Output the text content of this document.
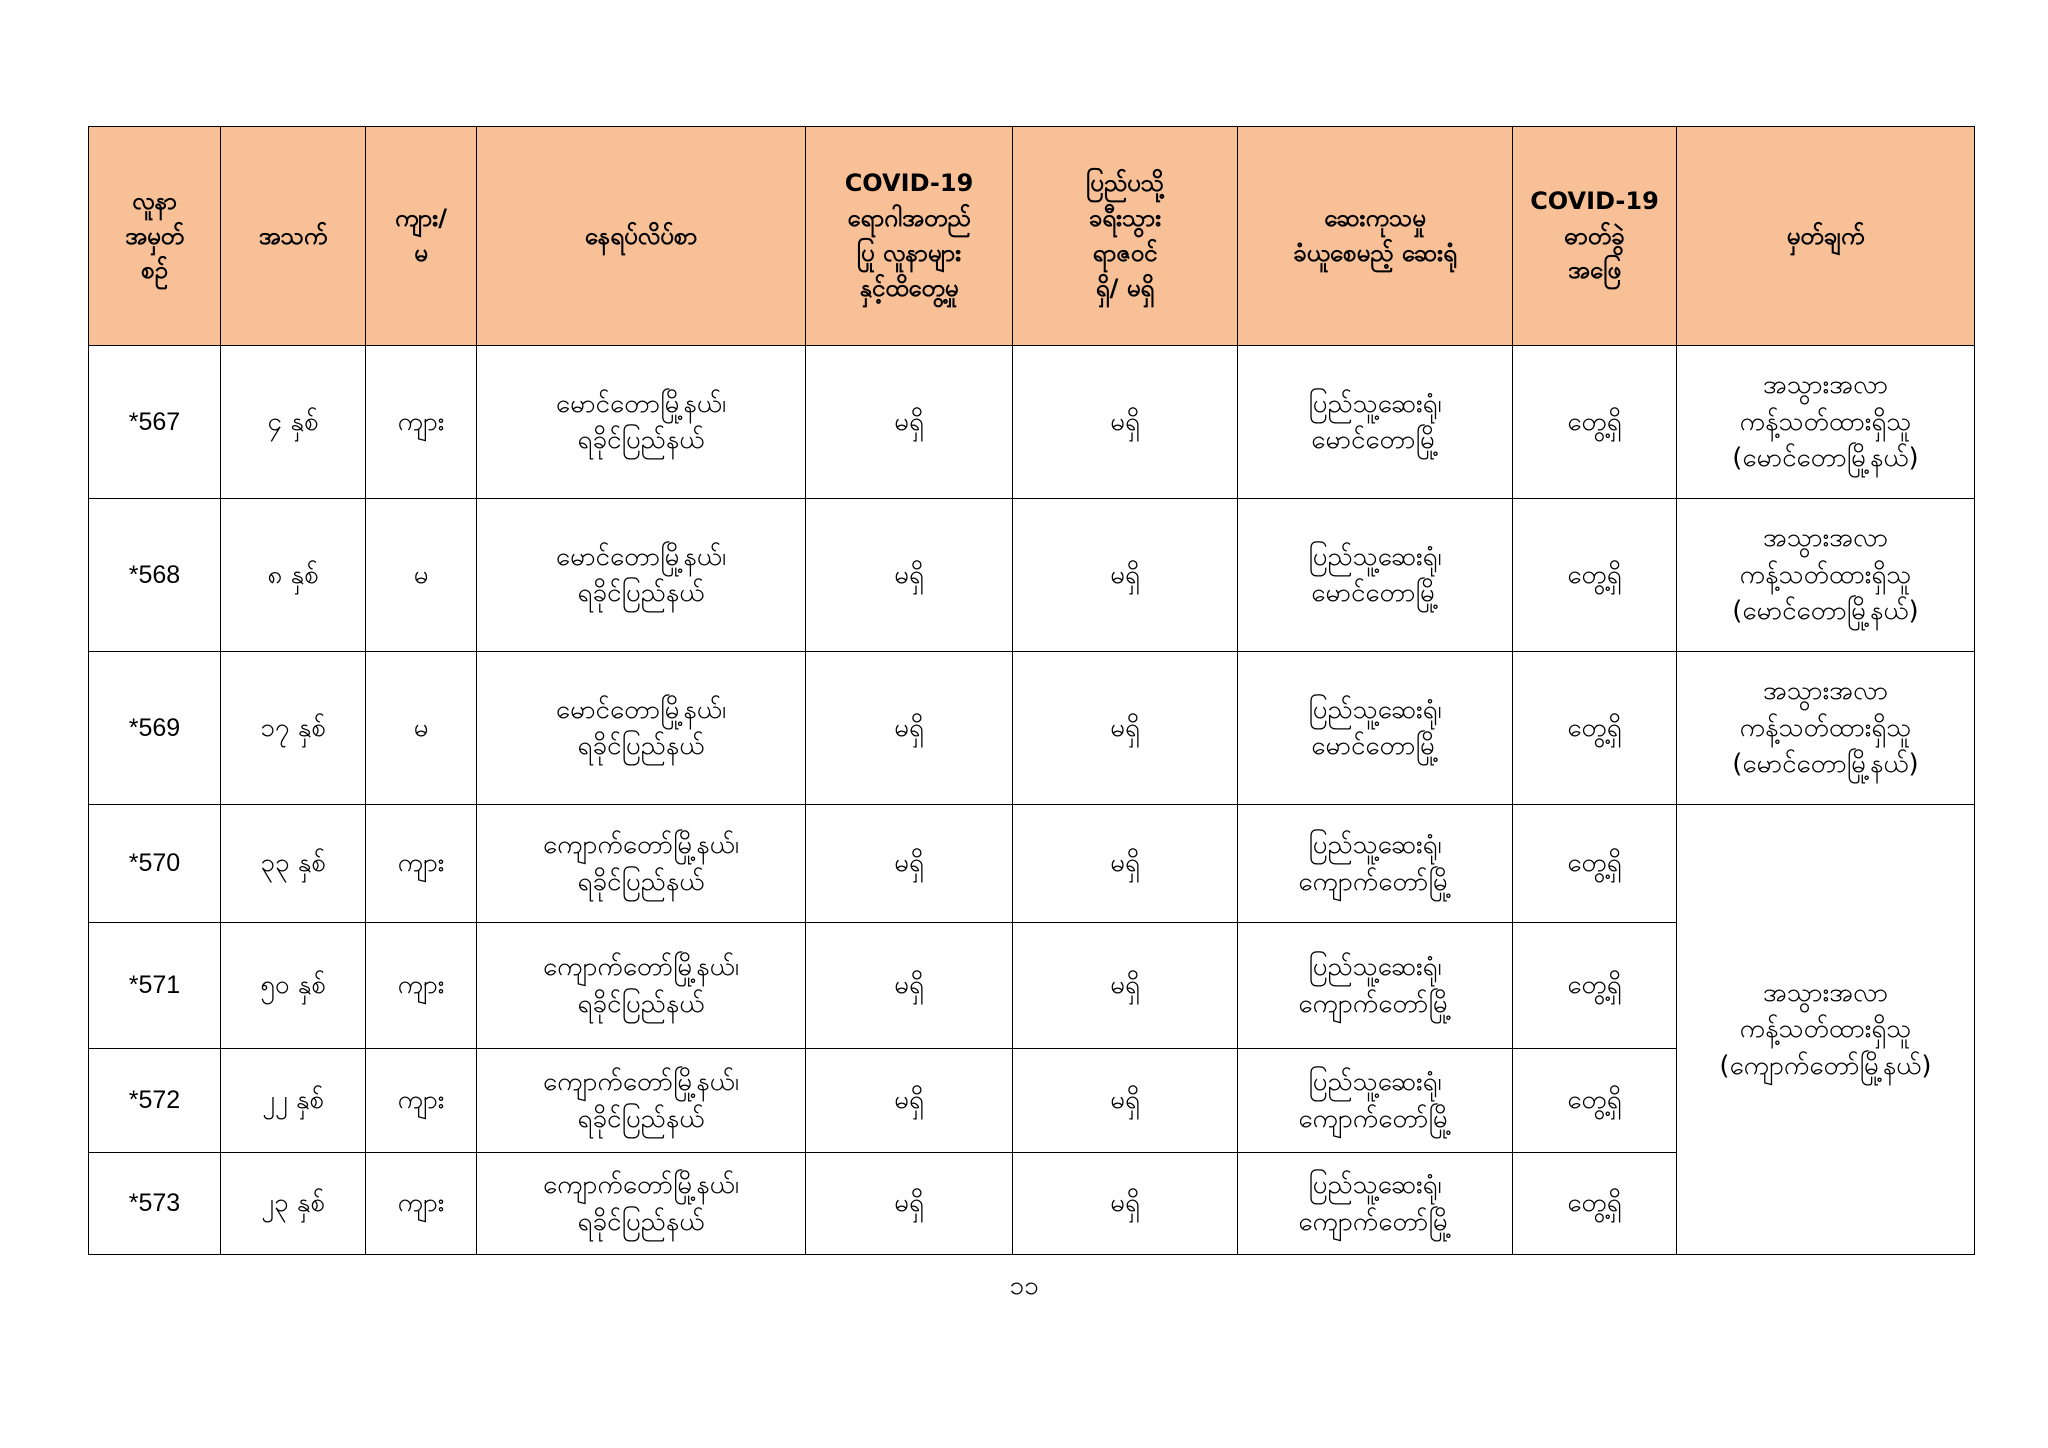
လူနာ
အမှတ်
စဉ်	အသက်	ကျား/
မ	နေရပ်လိပ်စာ	COVID-19
ရောဂါအတည်
ပြု လူနာများ
နှင့်ထိတွေ့မှု	ပြည်ပသို့
ခရီးသွား
ရာဇဝင်
ရှိ/ မရှိ	ဆေးကုသမှု
ခံယူစေမည့် ဆေးရုံ	COVID-19
ဓာတ်ခွဲ
အဖြေ	မှတ်ချက်
*567	၄ နှစ်	ကျား	မောင်တောမြို့နယ်၊
ရခိုင်ပြည်နယ်	မရှိ	မရှိ	ပြည်သူ့ဆေးရုံ၊
မောင်တောမြို့	တွေ့ရှိ	အသွားအလာ
ကန့်သတ်ထားရှိသူ
(မောင်တောမြို့နယ်)
*568	၈ နှစ်	မ	မောင်တောမြို့နယ်၊
ရခိုင်ပြည်နယ်	မရှိ	မရှိ	ပြည်သူ့ဆေးရုံ၊
မောင်တောမြို့	တွေ့ရှိ	အသွားအလာ
ကန့်သတ်ထားရှိသူ
(မောင်တောမြို့နယ်)
*569	၁၇ နှစ်	မ	မောင်တောမြို့နယ်၊
ရခိုင်ပြည်နယ်	မရှိ	မရှိ	ပြည်သူ့ဆေးရုံ၊
မောင်တောမြို့	တွေ့ရှိ	အသွားအလာ
ကန့်သတ်ထားရှိသူ
(မောင်တောမြို့နယ်)
*570	၃၃ နှစ်	ကျား	ကျောက်တော်မြို့နယ်၊
ရခိုင်ပြည်နယ်	မရှိ	မရှိ	ပြည်သူ့ဆေးရုံ၊
ကျောက်တော်မြို့	တွေ့ရှိ	အသွားအလာ
ကန့်သတ်ထားရှိသူ
(ကျောက်တော်မြို့နယ်)
*571	၅၀ နှစ်	ကျား	ကျောက်တော်မြို့နယ်၊
ရခိုင်ပြည်နယ်	မရှိ	မရှိ	ပြည်သူ့ဆေးရုံ၊
ကျောက်တော်မြို့	တွေ့ရှိ	
*572	၂၂ နှစ်	ကျား	ကျောက်တော်မြို့နယ်၊
ရခိုင်ပြည်နယ်	မရှိ	မရှိ	ပြည်သူ့ဆေးရုံ၊
ကျောက်တော်မြို့	တွေ့ရှိ	
*573	၂၃ နှစ်	ကျား	ကျောက်တော်မြို့နယ်၊
ရခိုင်ပြည်နယ်	မရှိ	မရှိ	ပြည်သူ့ဆေးရုံ၊
ကျောက်တော်မြို့	တွေ့ရှိ	
၁၁
